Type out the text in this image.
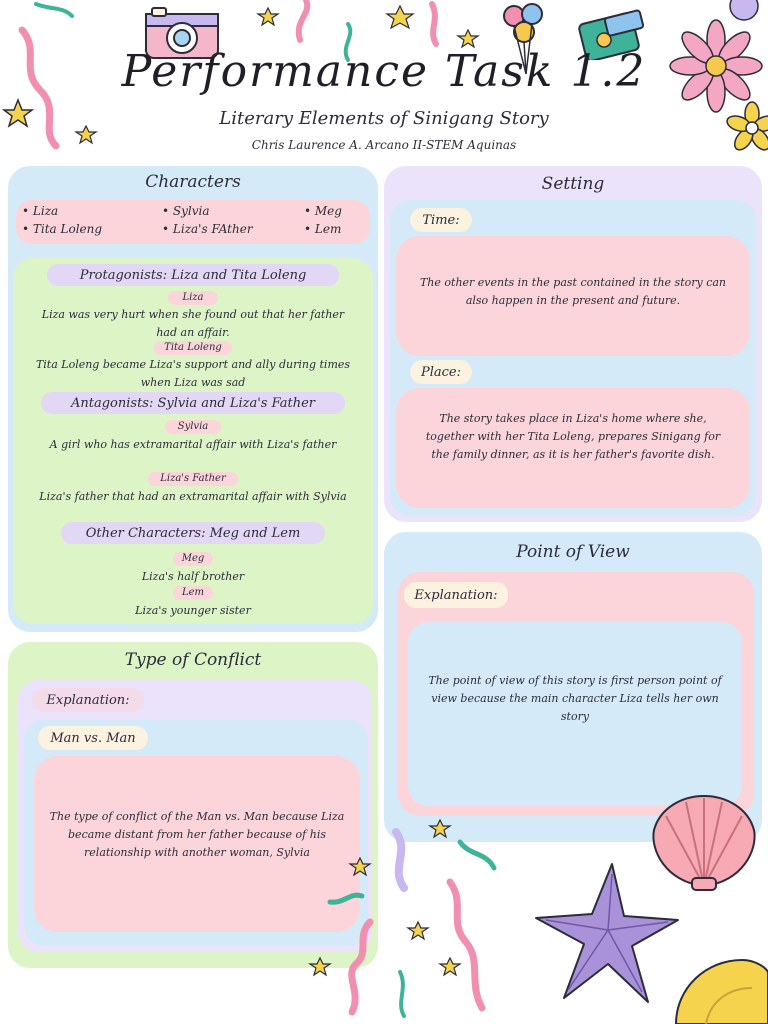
Performance Task 1.2
Literary Elements of Sinigang Story
Chris Laurence A. Arcano II-STEM Aquinas
Characters
• Liza
• Tita Loleng
• Sylvia
• Liza's FAther
• Meg
• Lem
Protagonists: Liza and Tita Loleng
Liza
Liza was very hurt when she found out that her father had an affair.
Tita Loleng
Tita Loleng became Liza's support and ally during times when Liza was sad
Antagonists: Sylvia and Liza's Father
Sylvia
A girl who has extramarital affair with Liza's father
Liza's Father
Liza's father that had an extramarital affair with Sylvia
Other Characters: Meg and Lem
Meg
Liza's half brother
Lem
Liza's younger sister
Setting
Time:
The other events in the past contained in the story can also happen in the present and future.
Place:
The story takes place in Liza's home where she, together with her Tita Loleng, prepares Sinigang for the family dinner, as it is her father's favorite dish.
Point of View
Explanation:
The point of view of this story is first person point of view because the main character Liza tells her own story
Type of Conflict
Explanation:
Man vs. Man
The type of conflict of the Man vs. Man because Liza became distant from her father because of his relationship with another woman, Sylvia
